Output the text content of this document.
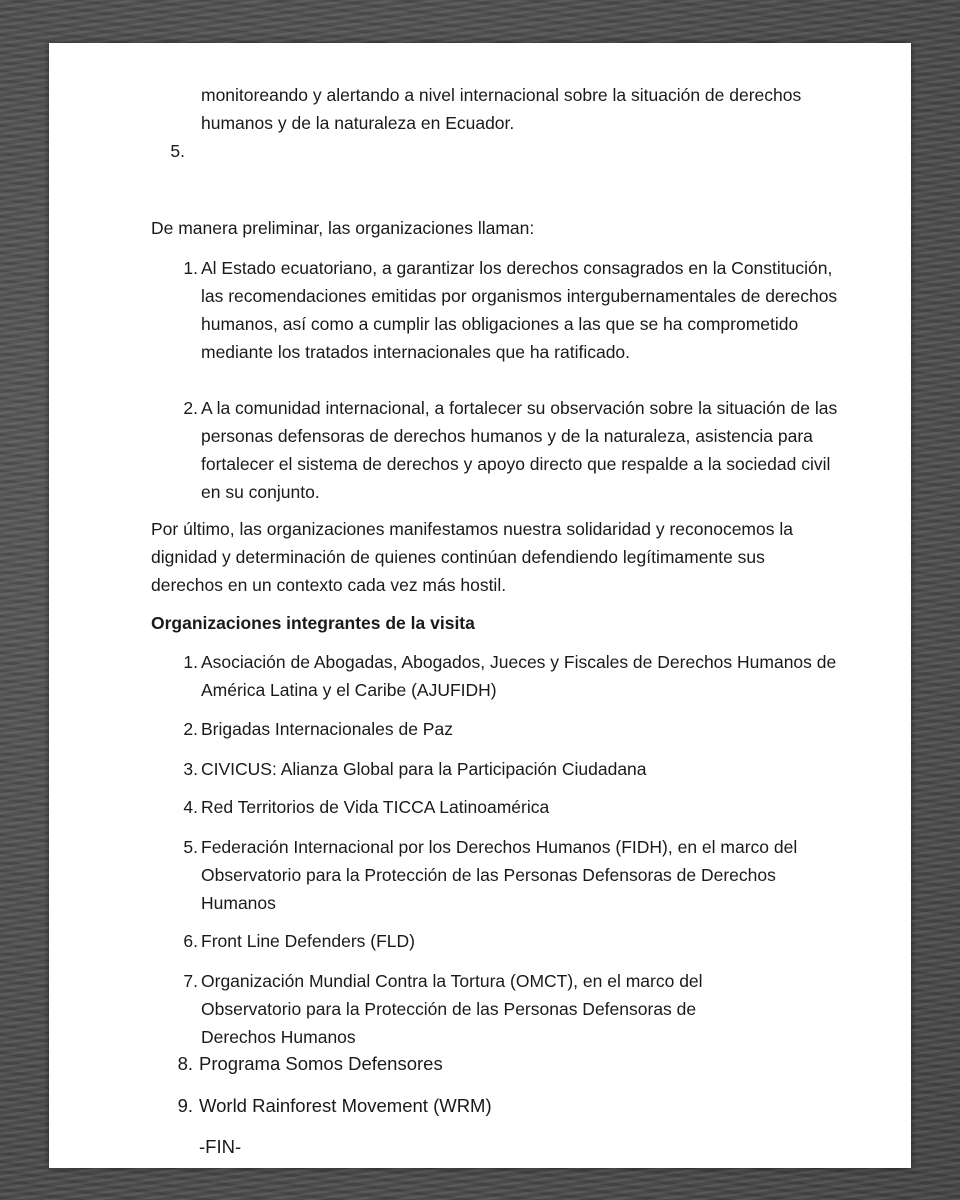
monitoreando y alertando a nivel internacional sobre la situación de derechos humanos y de la naturaleza en Ecuador.

5.

De manera preliminar, las organizaciones llaman:

1. Al Estado ecuatoriano, a garantizar los derechos consagrados en la Constitución, las recomendaciones emitidas por organismos intergubernamentales de derechos humanos, así como a cumplir las obligaciones a las que se ha comprometido mediante los tratados internacionales que ha ratificado.
2. A la comunidad internacional, a fortalecer su observación sobre la situación de las personas defensoras de derechos humanos y de la naturaleza, asistencia para fortalecer el sistema de derechos y apoyo directo que respalde a la sociedad civil en su conjunto.

Por último, las organizaciones manifestamos nuestra solidaridad y reconocemos la dignidad y determinación de quienes continúan defendiendo legítimamente sus derechos en un contexto cada vez más hostil.

Organizaciones integrantes de la visita

1. Asociación de Abogadas, Abogados, Jueces y Fiscales de Derechos Humanos de América Latina y el Caribe (AJUFIDH)
2. Brigadas Internacionales de Paz
3. CIVICUS: Alianza Global para la Participación Ciudadana
4. Red Territorios de Vida TICCA Latinoamérica
5. Federación Internacional por los Derechos Humanos (FIDH), en el marco del Observatorio para la Protección de las Personas Defensoras de Derechos Humanos
6. Front Line Defenders (FLD)
7. Organización Mundial Contra la Tortura (OMCT), en el marco del Observatorio para la Protección de las Personas Defensoras de Derechos Humanos
8. Programa Somos Defensores
9. World Rainforest Movement (WRM)

-FIN-
